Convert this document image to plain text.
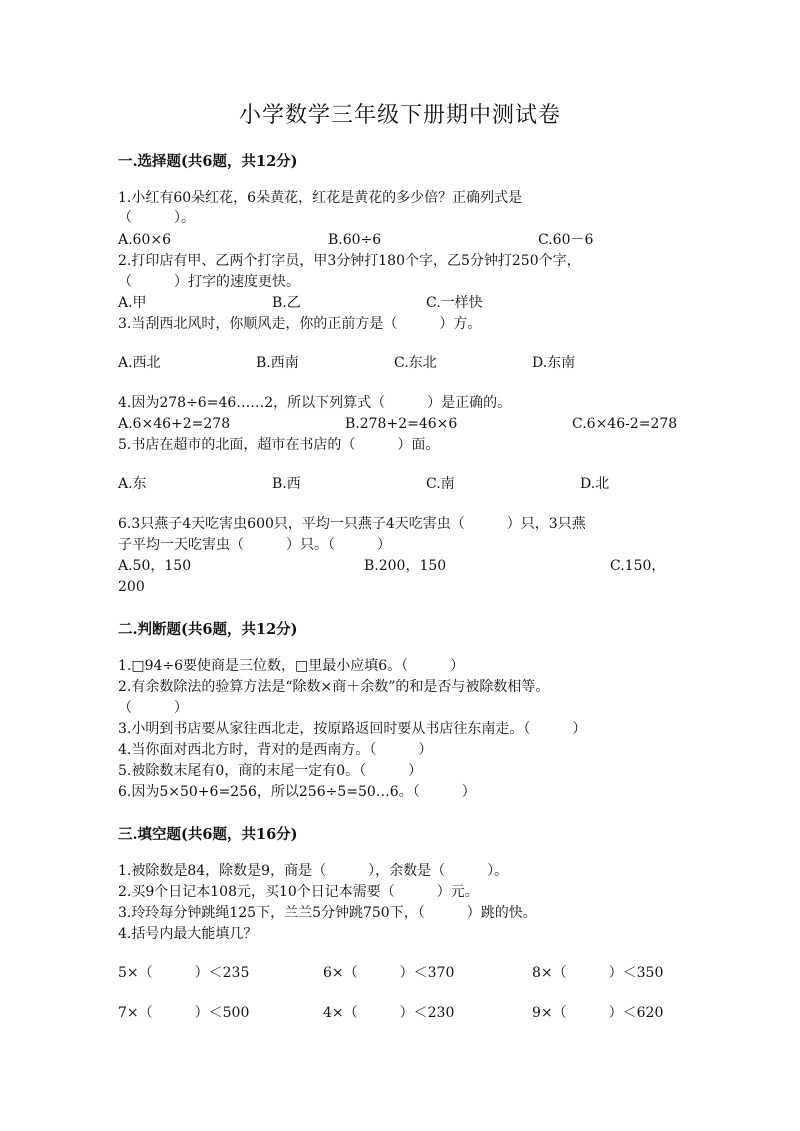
小学数学三年级下册期中测试卷
一.选择题(共6题，共12分)
1.小红有60朵红花，6朵黄花，红花是黄花的多少倍？正确列式是
（　　　）。
A.60×6	B.60÷6	C.60－6
2.打印店有甲、乙两个打字员，甲3分钟打180个字，乙5分钟打250个字，
（　　　）打字的速度更快。
A.甲	B.乙	C.一样快
3.当刮西北风时，你顺风走，你的正前方是（　　　）方。
A.西北	B.西南	C.东北	D.东南
4.因为278÷6=46……2，所以下列算式（　　　）是正确的。
A.6×46+2=278	B.278+2=46×6	C.6×46-2=278
5.书店在超市的北面，超市在书店的（　　　）面。
A.东	B.西	C.南	D.北
6.3只燕子4天吃害虫600只，平均一只燕子4天吃害虫（　　　）只，3只燕
子平均一天吃害虫（　　　）只。（　　　）
A.50，150	B.200，150	C.150，
200
二.判断题(共6题，共12分)
1.□94÷6要使商是三位数，□里最小应填6。（　　　）
2.有余数除法的验算方法是“除数×商＋余数”的和是否与被除数相等。
（　　　）
3.小明到书店要从家往西北走，按原路返回时要从书店往东南走。（　　　）
4.当你面对西北方时，背对的是西南方。（　　　）
5.被除数末尾有0，商的末尾一定有0。（　　　）
6.因为5×50+6=256，所以256÷5=50…6。（　　　）
三.填空题(共6题，共16分)
1.被除数是84，除数是9，商是（　　　），余数是（　　　）。
2.买9个日记本108元，买10个日记本需要（　　　）元。
3.玲玲每分钟跳绳125下，兰兰5分钟跳750下，（　　　）跳的快。
4.括号内最大能填几？
5×（　　　）＜235	6×（　　　）＜370	8×（　　　）＜350
7×（　　　）＜500	4×（　　　）＜230	9×（　　　）＜620
